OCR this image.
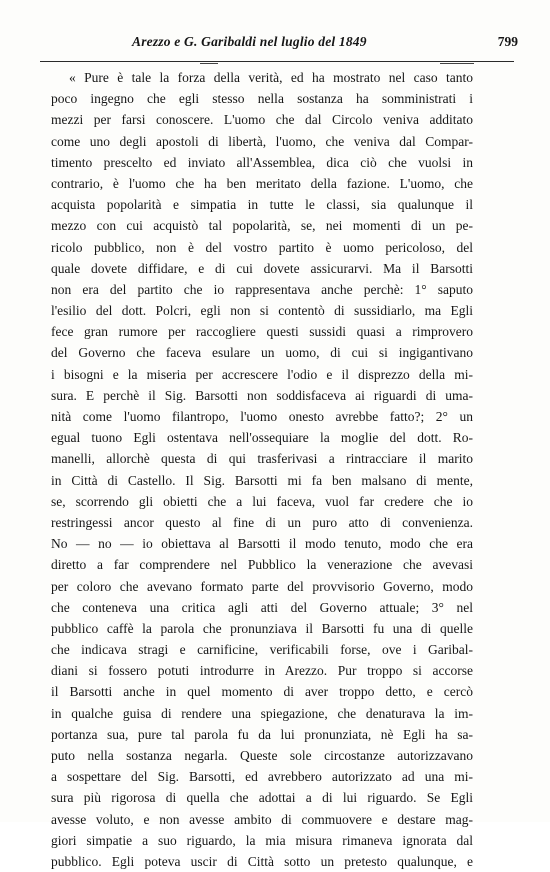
Arezzo e G. Garibaldi nel luglio del 1849	799
« Pure è tale la forza della verità, ed ha mostrato nel caso tanto
poco ingegno che egli stesso nella sostanza ha somministrati i
mezzi per farsi conoscere. L'uomo che dal Circolo veniva additato
come uno degli apostoli di libertà, l'uomo, che veniva dal Compar-
timento prescelto ed inviato all'Assemblea, dica ciò che vuolsi in
contrario, è l'uomo che ha ben meritato della fazione. L'uomo, che
acquista popolarità e simpatia in tutte le classi, sia qualunque il
mezzo con cui acquistò tal popolarità, se, nei momenti di un pe-
ricolo pubblico, non è del vostro partito è uomo pericoloso, del
quale dovete diffidare, e di cui dovete assicurarvi. Ma il Barsotti
non era del partito che io rappresentava anche perchè: 1° saputo
l'esilio del dott. Polcri, egli non si contentò di sussidiarlo, ma Egli
fece gran rumore per raccogliere questi sussidi quasi a rimprovero
del Governo che faceva esulare un uomo, di cui si ingigantivano
i bisogni e la miseria per accrescere l'odio e il disprezzo della mi-
sura. E perchè il Sig. Barsotti non soddisfaceva ai riguardi di uma-
nità come l'uomo filantropo, l'uomo onesto avrebbe fatto?; 2° un
egual tuono Egli ostentava nell'ossequiare la moglie del dott. Ro-
manelli, allorchè questa di qui trasferivasi a rintracciare il marito
in Città di Castello. Il Sig. Barsotti mi fa ben malsano di mente,
se, scorrendo gli obietti che a lui faceva, vuol far credere che io
restringessi ancor questo al fine di un puro atto di convenienza.
No — no — io obiettava al Barsotti il modo tenuto, modo che era
diretto a far comprendere nel Pubblico la venerazione che avevasi
per coloro che avevano formato parte del provvisorio Governo, modo
che conteneva una critica agli atti del Governo attuale; 3° nel
pubblico caffè la parola che pronunziava il Barsotti fu una di quelle
che indicava stragi e carnificine, verificabili forse, ove i Garibal-
diani si fossero potuti introdurre in Arezzo. Pur troppo si accorse
il Barsotti anche in quel momento di aver troppo detto, e cercò
in qualche guisa di rendere una spiegazione, che denaturava la im-
portanza sua, pure tal parola fu da lui pronunziata, nè Egli ha sa-
puto nella sostanza negarla. Queste sole circostanze autorizzavano
a sospettare del Sig. Barsotti, ed avrebbero autorizzato ad una mi-
sura più rigorosa di quella che adottai a di lui riguardo. Se Egli
avesse voluto, e non avesse ambito di commuovere e destare mag-
giori simpatie a suo riguardo, la mia misura rimaneva ignorata dal
pubblico. Egli poteva uscir di Città sotto un pretesto qualunque, e
